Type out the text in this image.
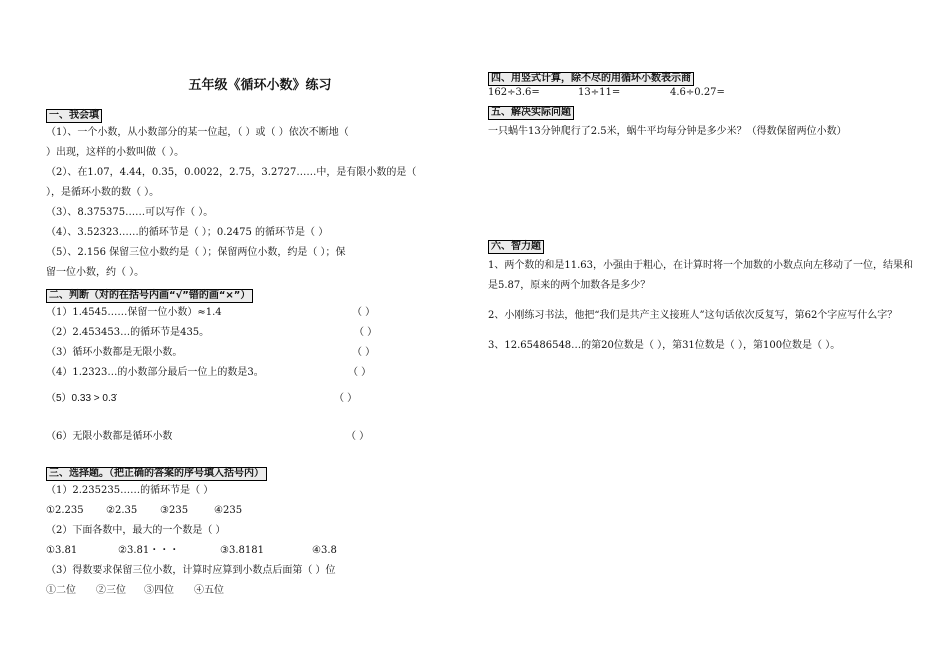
五年级《循环小数》练习
一、我会填
（1）、一个小数，从小数部分的某一位起，（ ）或（ ）依次不断地（
）出现，这样的小数叫做（ ）。
（2）、在1.07，4.44，0.35，0.0022，2.75，3.2727……中，是有限小数的是（
），是循环小数的数（ ）。
（3）、8.375375……可以写作（ ）。
（4）、3.52323……的循环节是（ ）；0.2475 的循环节是（ ）
（5）、2.156 保留三位小数约是（ ）；保留两位小数，约是（ ）；保
留一位小数，约（ ）。
二、判断（对的在括号内画“√”错的画“×”）
（1）1.4545……保留一位小数）≈1.4	（ ）
（2）2.453453…的循环节是435。	（ ）
（3）循环小数都是无限小数。	（ ）
（4）1.2323…的小数部分最后一位上的数是3。	（ ）
（5）0.33 > 0.3̇	（ ）
（6）无限小数都是循环小数	（ ）
三、选择题。（把正确的答案的序号填入括号内）
（1）2.235235……的循环节是（ ）
①2.235 ②2.35 ③235	④235
（2）下面各数中，最大的一个数是（ ）
①3.81	②3.81・・・	③3.8181	④3.8
（3）得数要求保留三位小数，计算时应算到小数点后面第（ ）位
①二位 ②三位 ③四位 ④五位
四、用竖式计算，除不尽的用循环小数表示商
162÷3.6=	13÷11=	4.6÷0.27=
五、解决实际问题
一只蜗牛13分钟爬行了2.5米，蜗牛平均每分钟是多少米？（得数保留两位小数）
六、智力题
1、两个数的和是11.63，小强由于粗心，在计算时将一个加数的小数点向左移动了一位，结果和是5.87，原来的两个加数各是多少？
2、小刚练习书法，他把“我们是共产主义接班人”这句话依次反复写，第62个字应写什么字？
3、12.65486548…的第20位数是（ ），第31位数是（ ），第100位数是（ ）。
